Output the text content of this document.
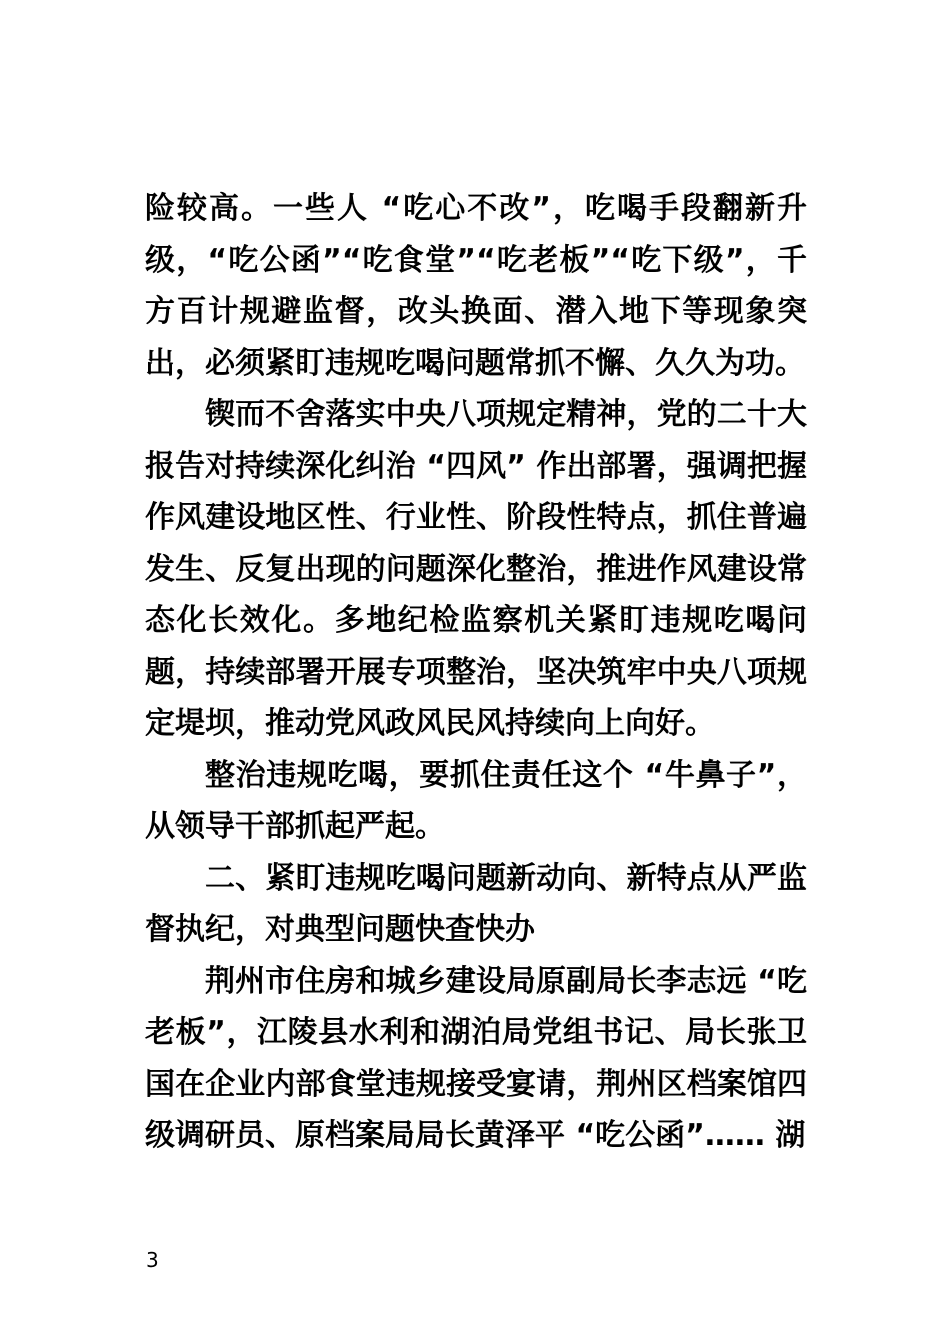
险较高。一些人 “吃心不改”，吃喝手段翻新升级，“吃公函”“吃食堂”“吃老板”“吃下级”，千方百计规避监督，改头换面、潜入地下等现象突出，必须紧盯违规吃喝问题常抓不懈、久久为功。

锲而不舍落实中央八项规定精神，党的二十大报告对持续深化纠治 “四风” 作出部署，强调把握作风建设地区性、行业性、阶段性特点，抓住普遍发生、反复出现的问题深化整治，推进作风建设常态化长效化。多地纪检监察机关紧盯违规吃喝问题，持续部署开展专项整治，坚决筑牢中央八项规定堤坝，推动党风政风民风持续向上向好。

整治违规吃喝，要抓住责任这个 “牛鼻子”，从领导干部抓起严起。

二、紧盯违规吃喝问题新动向、新特点从严监督执纪，对典型问题快查快办

荆州市住房和城乡建设局原副局长李志远 “吃老板”，江陵县水利和湖泊局党组书记、局长张卫国在企业内部食堂违规接受宴请，荆州区档案馆四级调研员、原档案局局长黄泽平 “吃公函”…… 湖

3
